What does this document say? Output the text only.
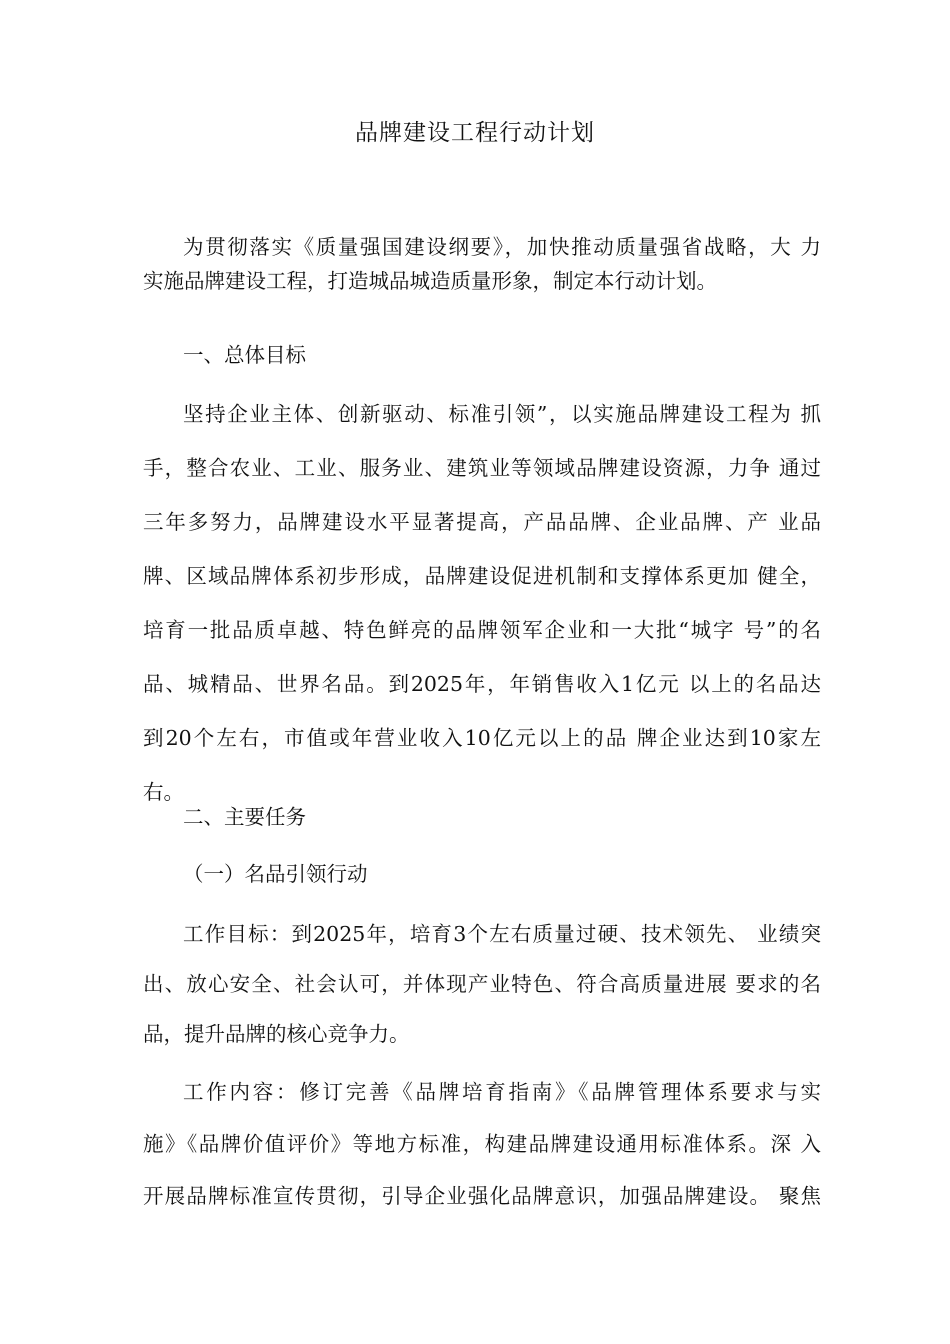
品牌建设工程行动计划
为贯彻落实《质量强国建设纲要》，加快推动质量强省战略，大 力
实施品牌建设工程，打造城品城造质量形象，制定本行动计划。
一、总体目标
坚持企业主体、创新驱动、标准引领”，以实施品牌建设工程为 抓
手，整合农业、工业、服务业、建筑业等领域品牌建设资源，力争 通过
三年多努力，品牌建设水平显著提高，产品品牌、企业品牌、产 业品
牌、区域品牌体系初步形成，品牌建设促进机制和支撑体系更加 健全，
培育一批品质卓越、特色鲜亮的品牌领军企业和一大批“城字 号”的名
品、城精品、世界名品。到2025年，年销售收入1亿元 以上的名品达
到20个左右，市值或年营业收入10亿元以上的品 牌企业达到10家左
右。
二、主要任务
（一）名品引领行动
工作目标：到2025年，培育3个左右质量过硬、技术领先、 业绩突
出、放心安全、社会认可，并体现产业特色、符合高质量进展 要求的名
品，提升品牌的核心竞争力。
工作内容：修订完善《品牌培育指南》《品牌管理体系要求与实
施》《品牌价值评价》等地方标准，构建品牌建设通用标准体系。深 入
开展品牌标准宣传贯彻，引导企业强化品牌意识，加强品牌建设。 聚焦
